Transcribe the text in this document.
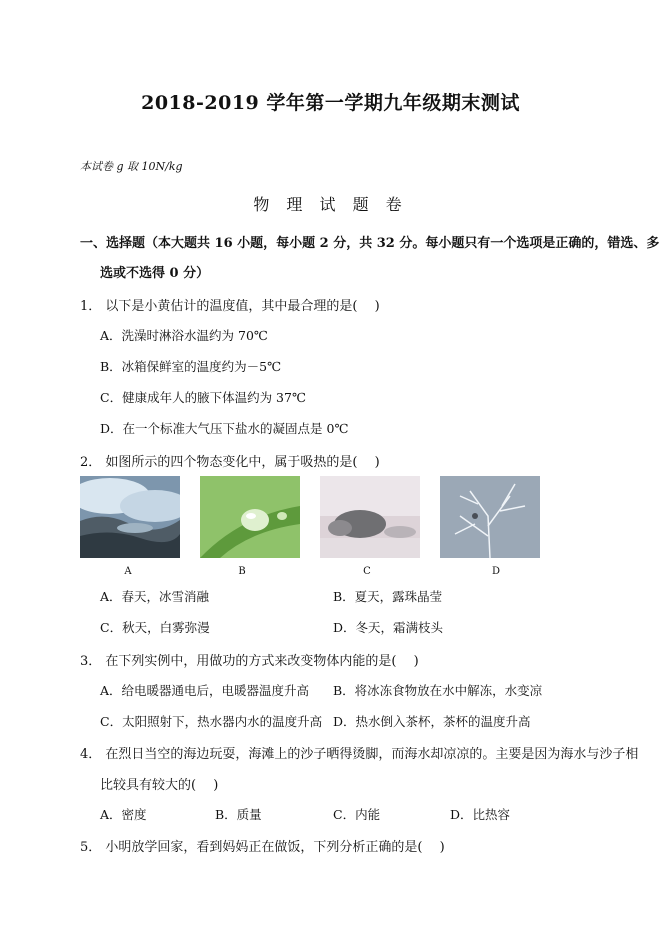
2018-2019 学年第一学期九年级期末测试
本试卷 g 取 10N/kg
物 理 试 题 卷
一、选择题（本大题共 16 小题，每小题 2 分，共 32 分。每小题只有一个选项是正确的，错选、多
选或不选得 0 分）
1． 以下是小黄估计的温度值，其中最合理的是(　 )
A．洗澡时淋浴水温约为 70℃
B．冰箱保鲜室的温度约为－5℃
C．健康成年人的腋下体温约为 37℃
D．在一个标准大气压下盐水的凝固点是 0℃
2． 如图所示的四个物态变化中，属于吸热的是(　 )
A	B	C	D
A．春天，冰雪消融	B．夏天，露珠晶莹
C．秋天，白雾弥漫	D．冬天，霜满枝头
3． 在下列实例中，用做功的方式来改变物体内能的是(　 )
A．给电暖器通电后，电暖器温度升高 B．将冰冻食物放在水中解冻，水变凉
C．太阳照射下，热水器内水的温度升高 D．热水倒入茶杯，茶杯的温度升高
4． 在烈日当空的海边玩耍，海滩上的沙子晒得烫脚，而海水却凉凉的。主要是因为海水与沙子相
比较具有较大的(　 )
A．密度	B．质量	C．内能	D．比热容
5． 小明放学回家，看到妈妈正在做饭，下列分析正确的是(　 )
